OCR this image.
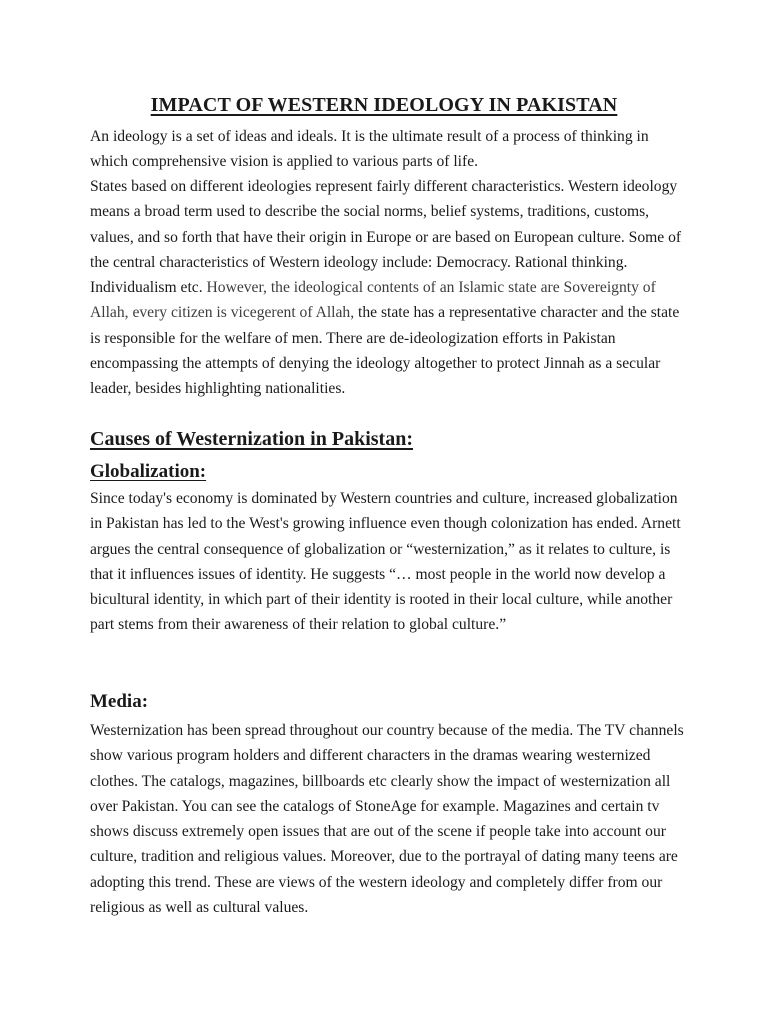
IMPACT OF WESTERN IDEOLOGY IN PAKISTAN

An ideology is a set of ideas and ideals. It is the ultimate result of a process of thinking in which comprehensive vision is applied to various parts of life.

States based on different ideologies represent fairly different characteristics. Western ideology means a broad term used to describe the social norms, belief systems, traditions, customs, values, and so forth that have their origin in Europe or are based on European culture. Some of the central characteristics of Western ideology include: Democracy. Rational thinking. Individualism etc. However, the ideological contents of an Islamic state are Sovereignty of Allah, every citizen is vicegerent of Allah, the state has a representative character and the state is responsible for the welfare of men. There are de-ideologization efforts in Pakistan encompassing the attempts of denying the ideology altogether to protect Jinnah as a secular leader, besides highlighting nationalities.

Causes of Westernization in Pakistan:
Globalization:

Since today's economy is dominated by Western countries and culture, increased globalization in Pakistan has led to the West's growing influence even though colonization has ended. Arnett argues the central consequence of globalization or “westernization,” as it relates to culture, is that it influences issues of identity. He suggests “… most people in the world now develop a bicultural identity, in which part of their identity is rooted in their local culture, while another part stems from their awareness of their relation to global culture.”

Media:

Westernization has been spread throughout our country because of the media. The TV channels show various program holders and different characters in the dramas wearing westernized clothes. The catalogs, magazines, billboards etc clearly show the impact of westernization all over Pakistan. You can see the catalogs of StoneAge for example. Magazines and certain tv shows discuss extremely open issues that are out of the scene if people take into account our culture, tradition and religious values. Moreover, due to the portrayal of dating many teens are adopting this trend. These are views of the western ideology and completely differ from our religious as well as cultural values.
